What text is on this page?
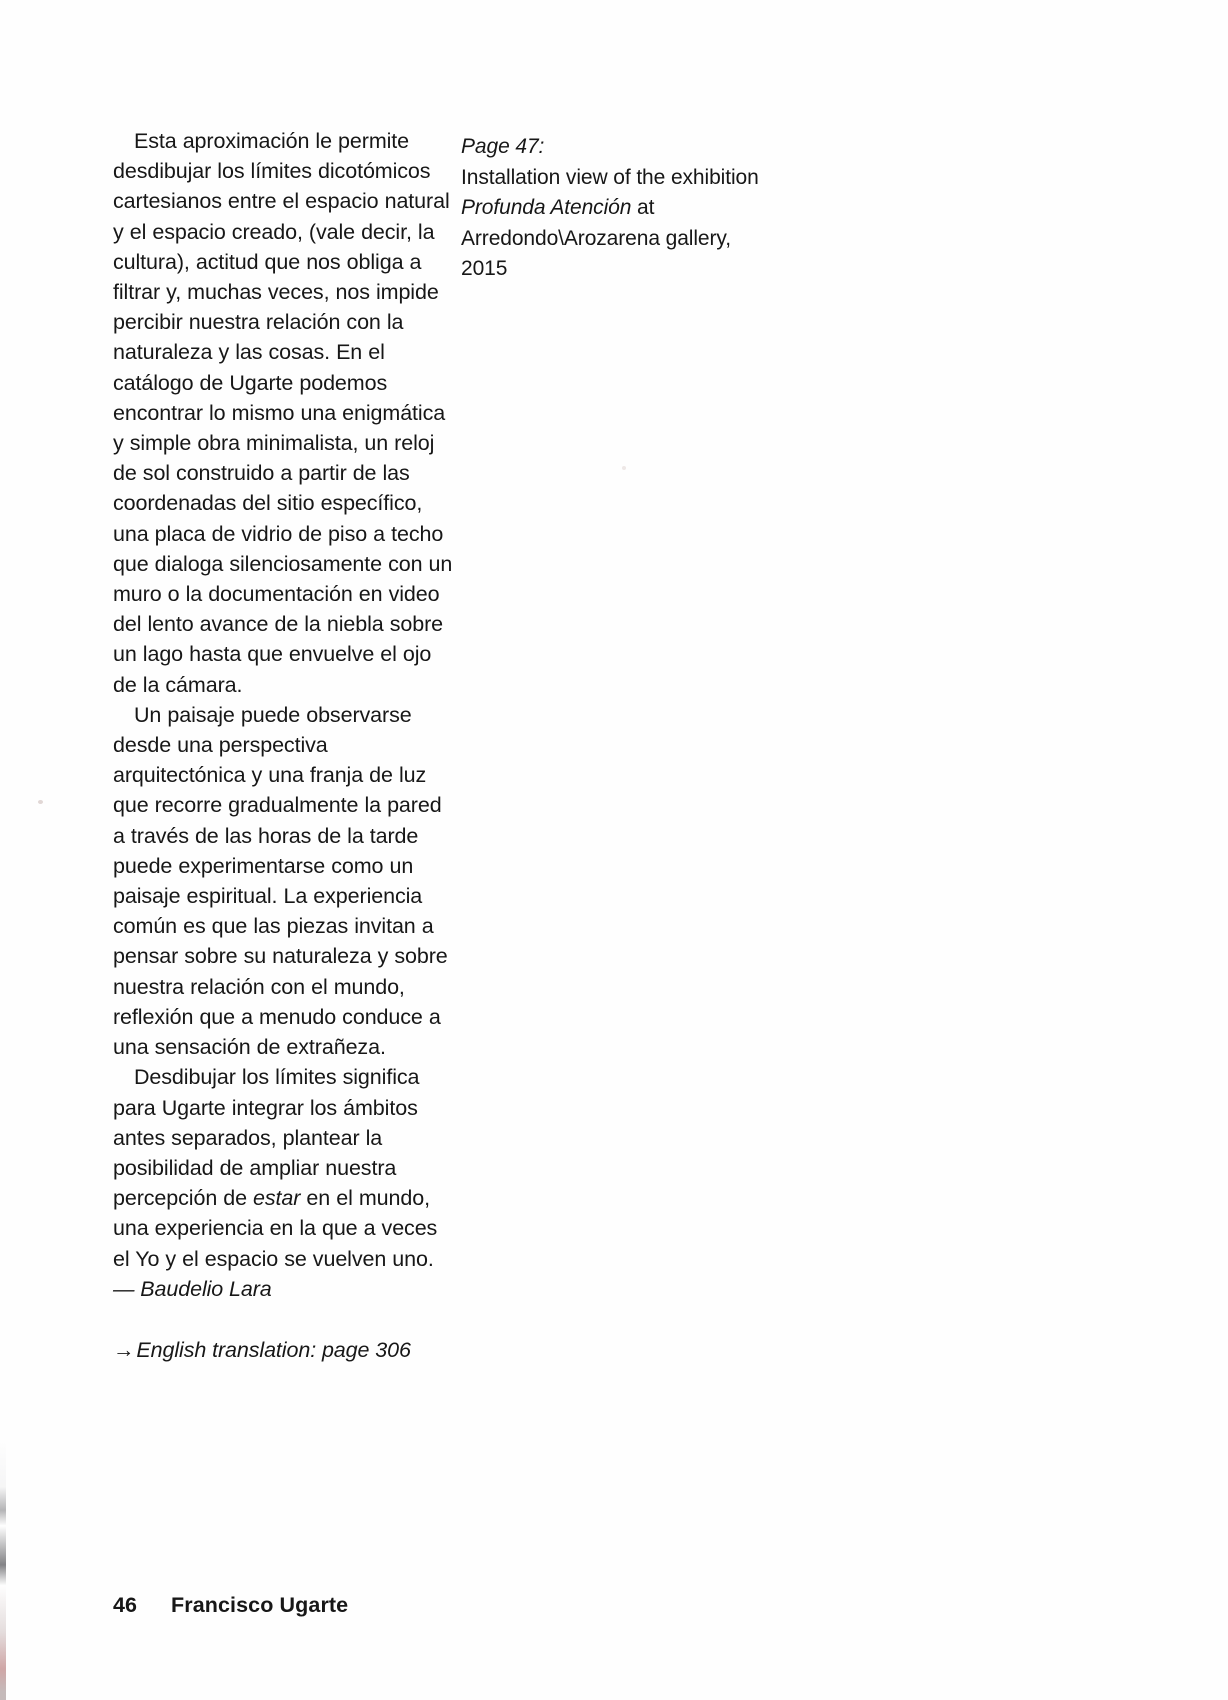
Esta aproximación le permite desdibujar los límites dicotómicos cartesianos entre el espacio natural y el espacio creado, (vale decir, la cultura), actitud que nos obliga a filtrar y, muchas veces, nos impide percibir nuestra relación con la naturaleza y las cosas. En el catálogo de Ugarte podemos encontrar lo mismo una enigmática y simple obra minimalista, un reloj de sol construido a partir de las coordenadas del sitio específico, una placa de vidrio de piso a techo que dialoga silenciosamente con un muro o la documentación en video del lento avance de la niebla sobre un lago hasta que envuelve el ojo de la cámara.

Un paisaje puede observarse desde una perspectiva arquitectónica y una franja de luz que recorre gradualmente la pared a través de las horas de la tarde puede experimentarse como un paisaje espiritual. La experiencia común es que las piezas invitan a pensar sobre su naturaleza y sobre nuestra relación con el mundo, reflexión que a menudo conduce a una sensación de extrañeza.

Desdibujar los límites significa para Ugarte integrar los ámbitos antes separados, plantear la posibilidad de ampliar nuestra percepción de estar en el mundo, una experiencia en la que a veces el Yo y el espacio se vuelven uno.

— Baudelio Lara

→English translation: page 306

Page 47:

Installation view of the exhibition

Profunda Atención at

Arredondo\Arozarena gallery,

2015

46	Francisco Ugarte
